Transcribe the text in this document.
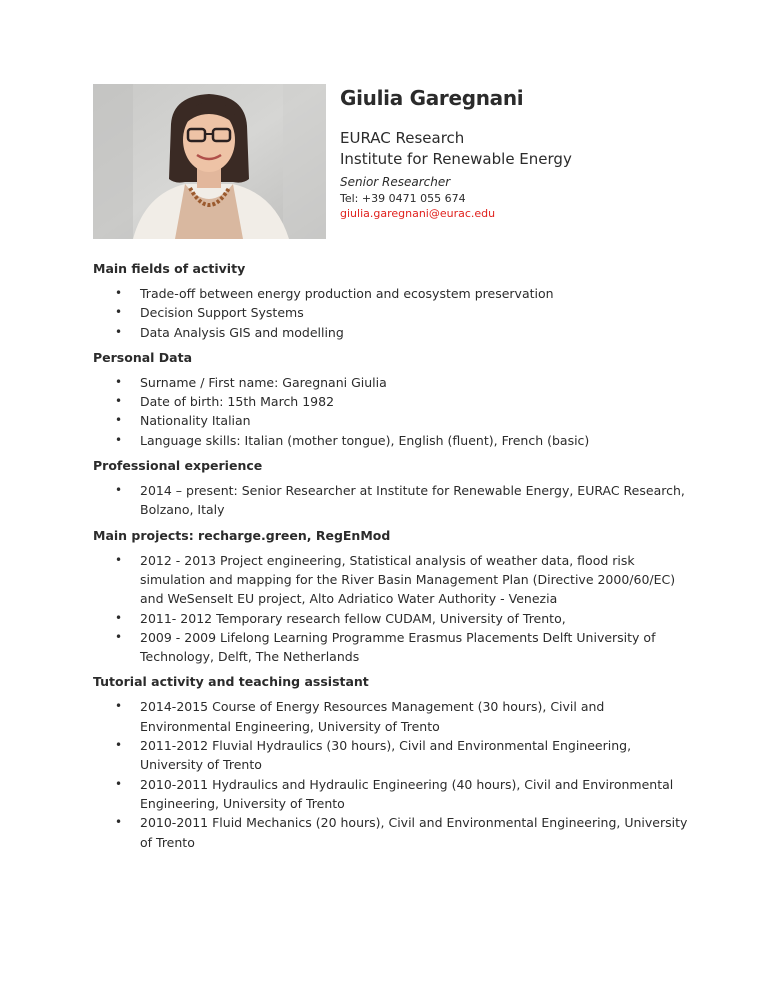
Giulia Garegnani
EURAC Research
Institute for Renewable Energy
Senior Researcher
Tel: +39 0471 055 674
giulia.garegnani@eurac.edu
Main fields of activity
• Trade-off between energy production and ecosystem preservation
• Decision Support Systems
• Data Analysis GIS and modelling
Personal Data
• Surname / First name: Garegnani Giulia
• Date of birth: 15th March 1982
• Nationality Italian
• Language skills: Italian (mother tongue), English (fluent), French (basic)
Professional experience
• 2014 – present: Senior Researcher at Institute for Renewable Energy, EURAC Research, Bolzano, Italy
Main projects: recharge.green, RegEnMod
• 2012 - 2013 Project engineering, Statistical analysis of weather data, flood risk simulation and mapping for the River Basin Management Plan (Directive 2000/60/EC) and WeSenseIt EU project, Alto Adriatico Water Authority - Venezia
• 2011- 2012 Temporary research fellow CUDAM, University of Trento,
• 2009 - 2009 Lifelong Learning Programme Erasmus Placements Delft University of Technology, Delft, The Netherlands
Tutorial activity and teaching assistant
• 2014-2015 Course of Energy Resources Management (30 hours), Civil and Environmental Engineering, University of Trento
• 2011-2012 Fluvial Hydraulics (30 hours), Civil and Environmental Engineering, University of Trento
• 2010-2011 Hydraulics and Hydraulic Engineering (40 hours), Civil and Environmental Engineering, University of Trento
• 2010-2011 Fluid Mechanics (20 hours), Civil and Environmental Engineering, University of Trento
